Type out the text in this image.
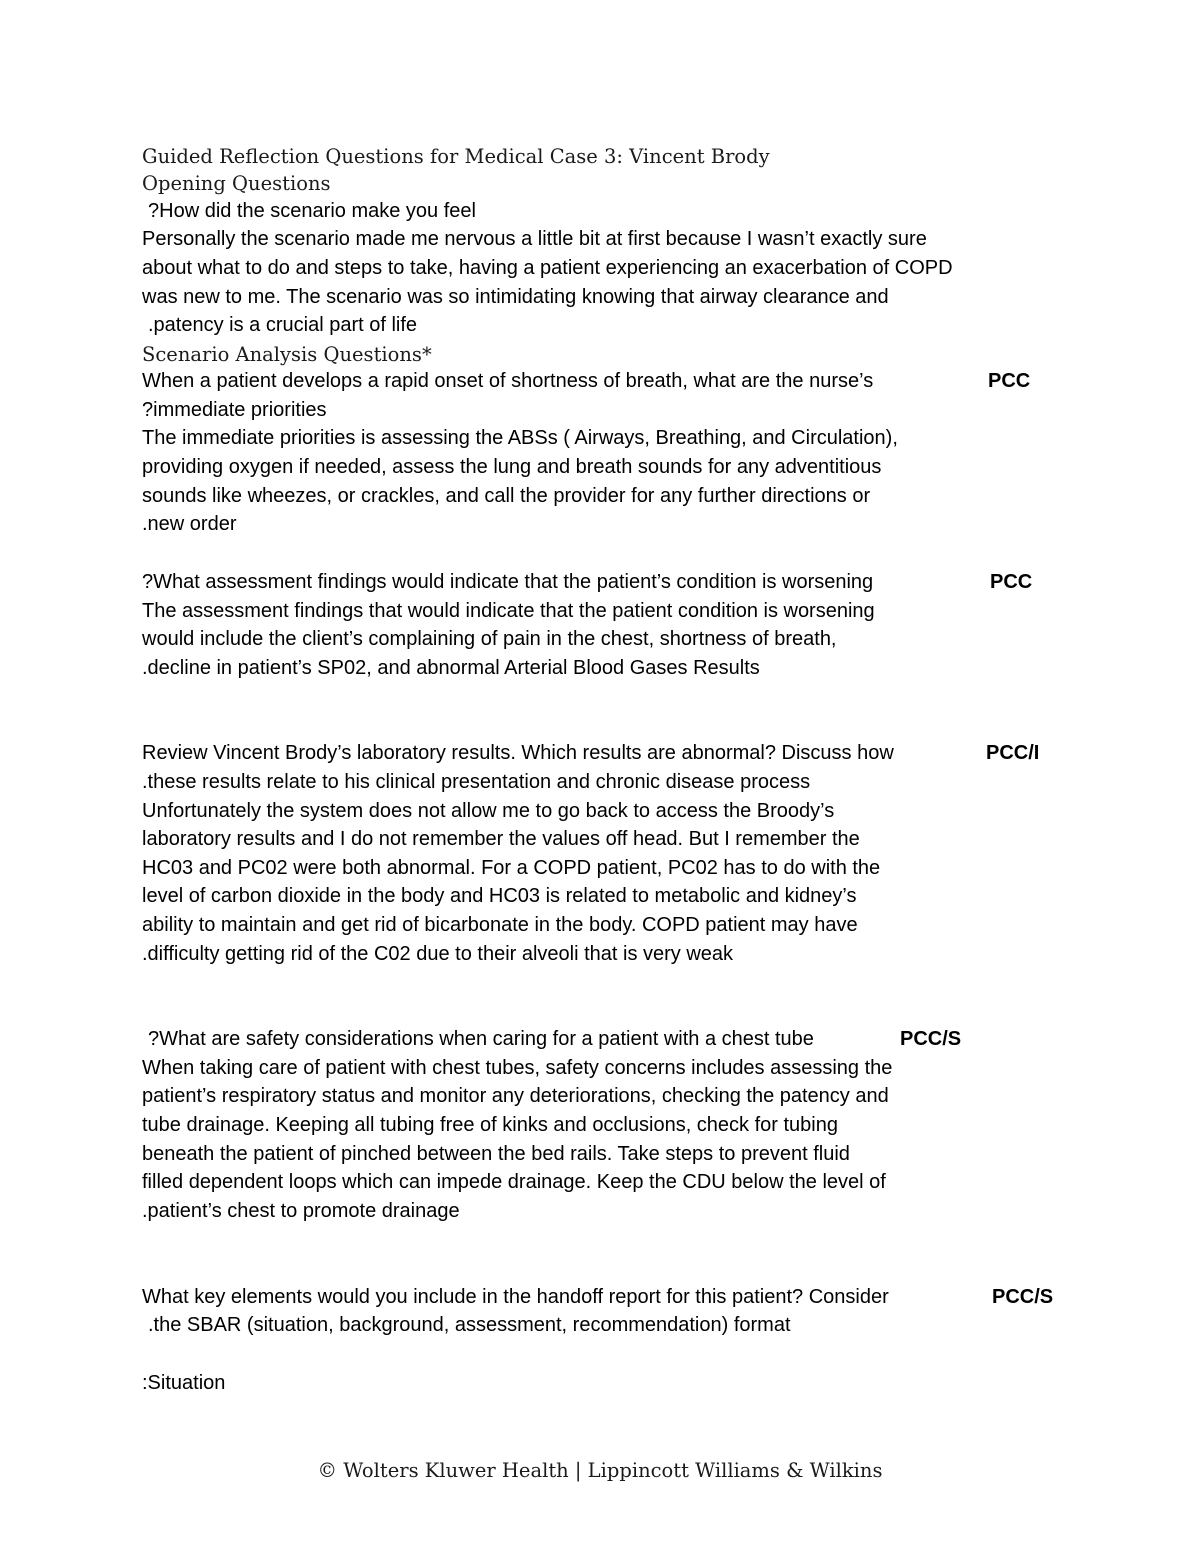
Guided Reflection Questions for Medical Case 3: Vincent Brody
Opening Questions
?How did the scenario make you feel
Personally the scenario made me nervous a little bit at first because I wasn’t exactly sure
about what to do and steps to take, having a patient experiencing an exacerbation of COPD
was new to me. The scenario was so intimidating knowing that airway clearance and
.patency is a crucial part of life
Scenario Analysis Questions*
When a patient develops a rapid onset of shortness of breath, what are the nurse’s	PCC
?immediate priorities
The immediate priorities is assessing the ABSs ( Airways, Breathing, and Circulation),
providing oxygen if needed, assess the lung and breath sounds for any adventitious
sounds like wheezes, or crackles, and call the provider for any further directions or
.new order
?What assessment findings would indicate that the patient’s condition is worsening	PCC
The assessment findings that would indicate that the patient condition is worsening
would include the client’s complaining of pain in the chest, shortness of breath,
.decline in patient’s SP02, and abnormal Arterial Blood Gases Results
Review Vincent Brody’s laboratory results. Which results are abnormal? Discuss how	PCC/I
.these results relate to his clinical presentation and chronic disease process
Unfortunately the system does not allow me to go back to access the Broody’s
laboratory results and I do not remember the values off head. But I remember the
HC03 and PC02 were both abnormal. For a COPD patient, PC02 has to do with the
level of carbon dioxide in the body and HC03 is related to metabolic and kidney’s
ability to maintain and get rid of bicarbonate in the body. COPD patient may have
.difficulty getting rid of the C02 due to their alveoli that is very weak
?What are safety considerations when caring for a patient with a chest tube	PCC/S
When taking care of patient with chest tubes, safety concerns includes assessing the
patient’s respiratory status and monitor any deteriorations, checking the patency and
tube drainage. Keeping all tubing free of kinks and occlusions, check for tubing
beneath the patient of pinched between the bed rails. Take steps to prevent fluid
filled dependent loops which can impede drainage. Keep the CDU below the level of
.patient’s chest to promote drainage
What key elements would you include in the handoff report for this patient? Consider	PCC/S
.the SBAR (situation, background, assessment, recommendation) format
:Situation
© Wolters Kluwer Health | Lippincott Williams & Wilkins
